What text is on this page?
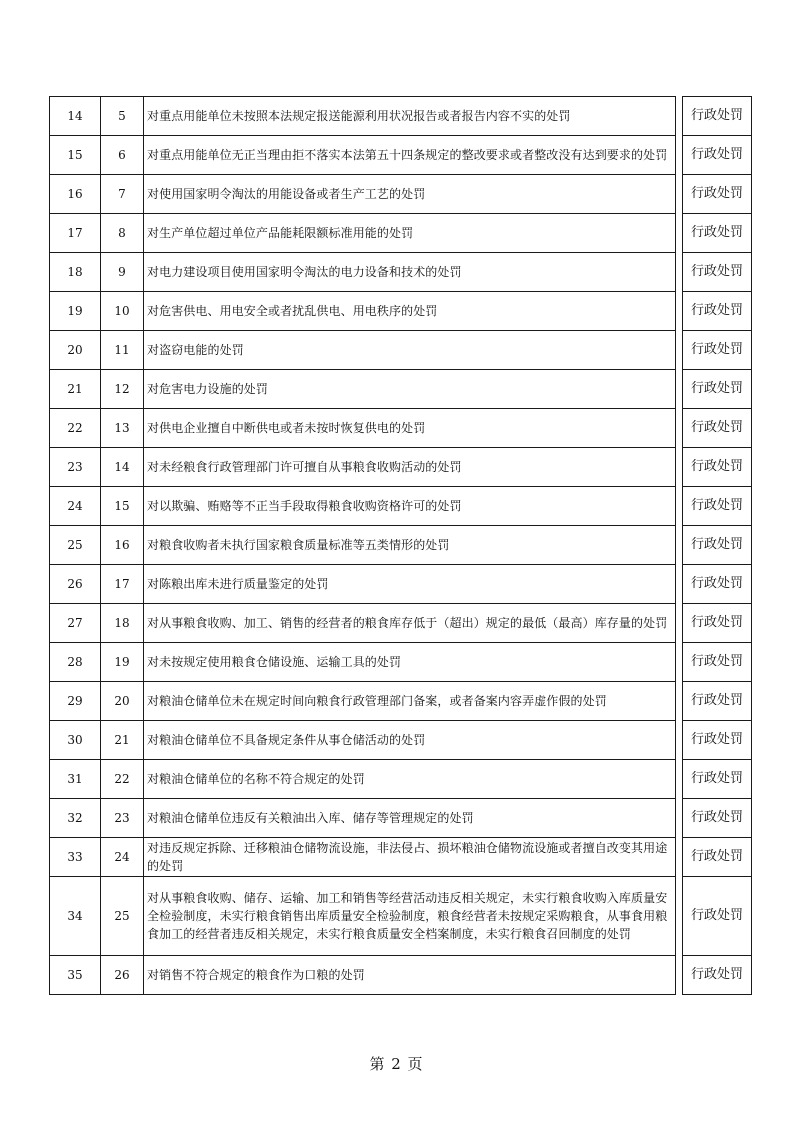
14	5	对重点用能单位未按照本法规定报送能源利用状况报告或者报告内容不实的处罚		行政处罚
15	6	对重点用能单位无正当理由拒不落实本法第五十四条规定的整改要求或者整改没有达到要求的处罚		行政处罚
16	7	对使用国家明令淘汰的用能设备或者生产工艺的处罚		行政处罚
17	8	对生产单位超过单位产品能耗限额标准用能的处罚		行政处罚
18	9	对电力建设项目使用国家明令淘汰的电力设备和技术的处罚		行政处罚
19	10	对危害供电、用电安全或者扰乱供电、用电秩序的处罚		行政处罚
20	11	对盗窃电能的处罚		行政处罚
21	12	对危害电力设施的处罚		行政处罚
22	13	对供电企业擅自中断供电或者未按时恢复供电的处罚		行政处罚
23	14	对未经粮食行政管理部门许可擅自从事粮食收购活动的处罚		行政处罚
24	15	对以欺骗、贿赂等不正当手段取得粮食收购资格许可的处罚		行政处罚
25	16	对粮食收购者未执行国家粮食质量标准等五类情形的处罚		行政处罚
26	17	对陈粮出库未进行质量鉴定的处罚		行政处罚
27	18	对从事粮食收购、加工、销售的经营者的粮食库存低于（超出）规定的最低（最高）库存量的处罚		行政处罚
28	19	对未按规定使用粮食仓储设施、运输工具的处罚		行政处罚
29	20	对粮油仓储单位未在规定时间向粮食行政管理部门备案，或者备案内容弄虚作假的处罚		行政处罚
30	21	对粮油仓储单位不具备规定条件从事仓储活动的处罚		行政处罚
31	22	对粮油仓储单位的名称不符合规定的处罚		行政处罚
32	23	对粮油仓储单位违反有关粮油出入库、储存等管理规定的处罚		行政处罚
33	24	对违反规定拆除、迁移粮油仓储物流设施，非法侵占、损坏粮油仓储物流设施或者擅自改变其用途的处罚		行政处罚
34	25	对从事粮食收购、储存、运输、加工和销售等经营活动违反相关规定，未实行粮食收购入库质量安全检验制度，未实行粮食销售出库质量安全检验制度，粮食经营者未按规定采购粮食，从事食用粮食加工的经营者违反相关规定，未实行粮食质量安全档案制度，未实行粮食召回制度的处罚		行政处罚
35	26	对销售不符合规定的粮食作为口粮的处罚		行政处罚
第 2 页
